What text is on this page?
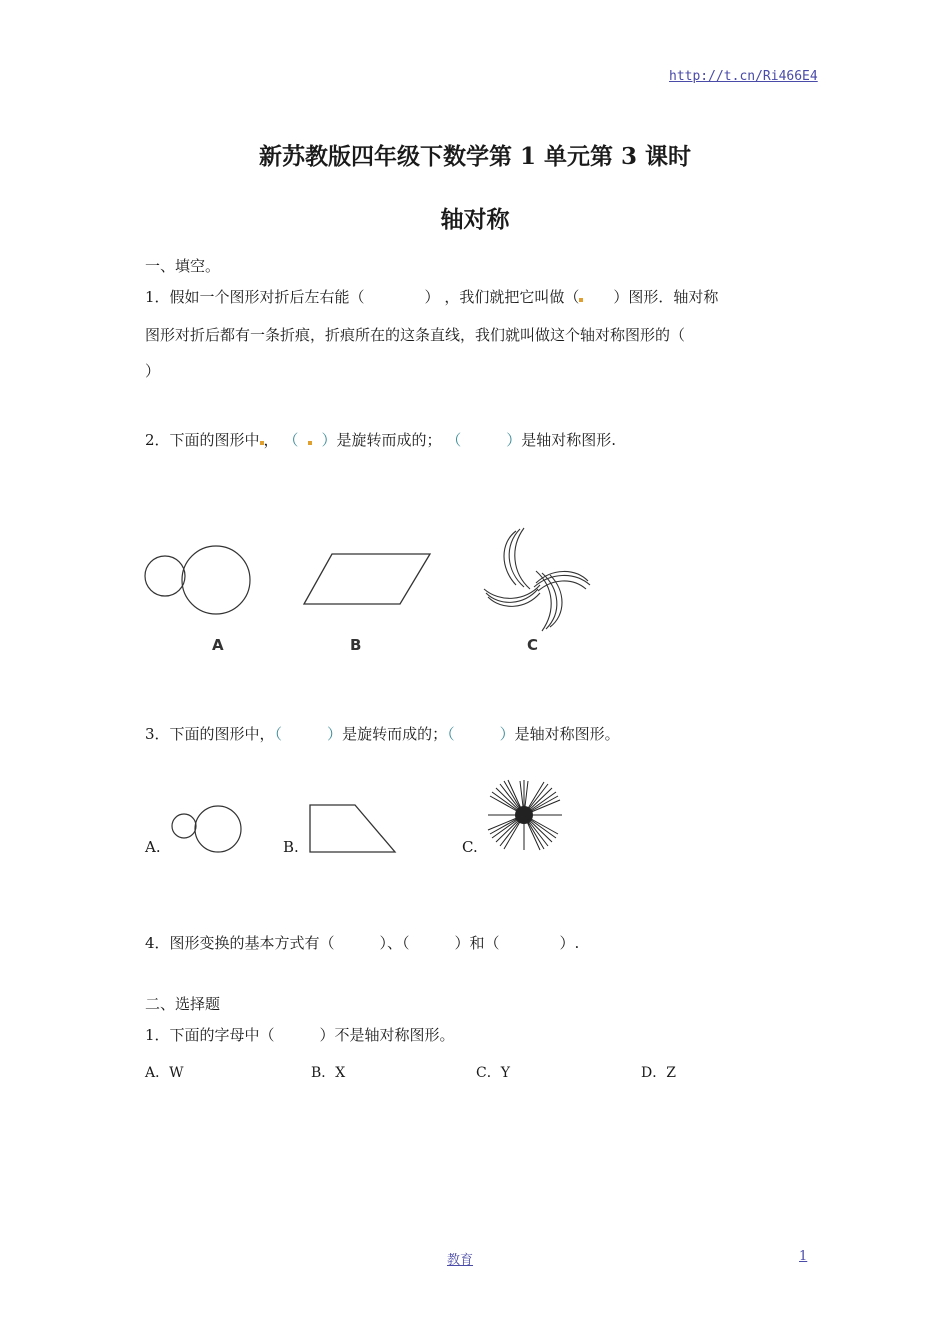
http://t.cn/Ri466E4
新苏教版四年级下数学第 1 单元第 3 课时
轴对称
一、填空。
1．假如一个图形对折后左右能（　　　　） ，我们就把它叫做（　　）图形．轴对称
图形对折后都有一条折痕，折痕所在的这条直线，我们就叫做这个轴对称图形的（
）
2．下面的图形中 ， （ ）是旋转而成的； （　　　）是轴对称图形.
A	B	C
3．下面的图形中，（　　　）是旋转而成的；（　　　）是轴对称图形。
A.	B.	C.
4．图形变换的基本方式有（　　　）、（　　　）和（　　　　）.
二、选择题
1．下面的字母中（　　　）不是轴对称图形。
A．W	B．X	C．Y	D．Z
教育	1
